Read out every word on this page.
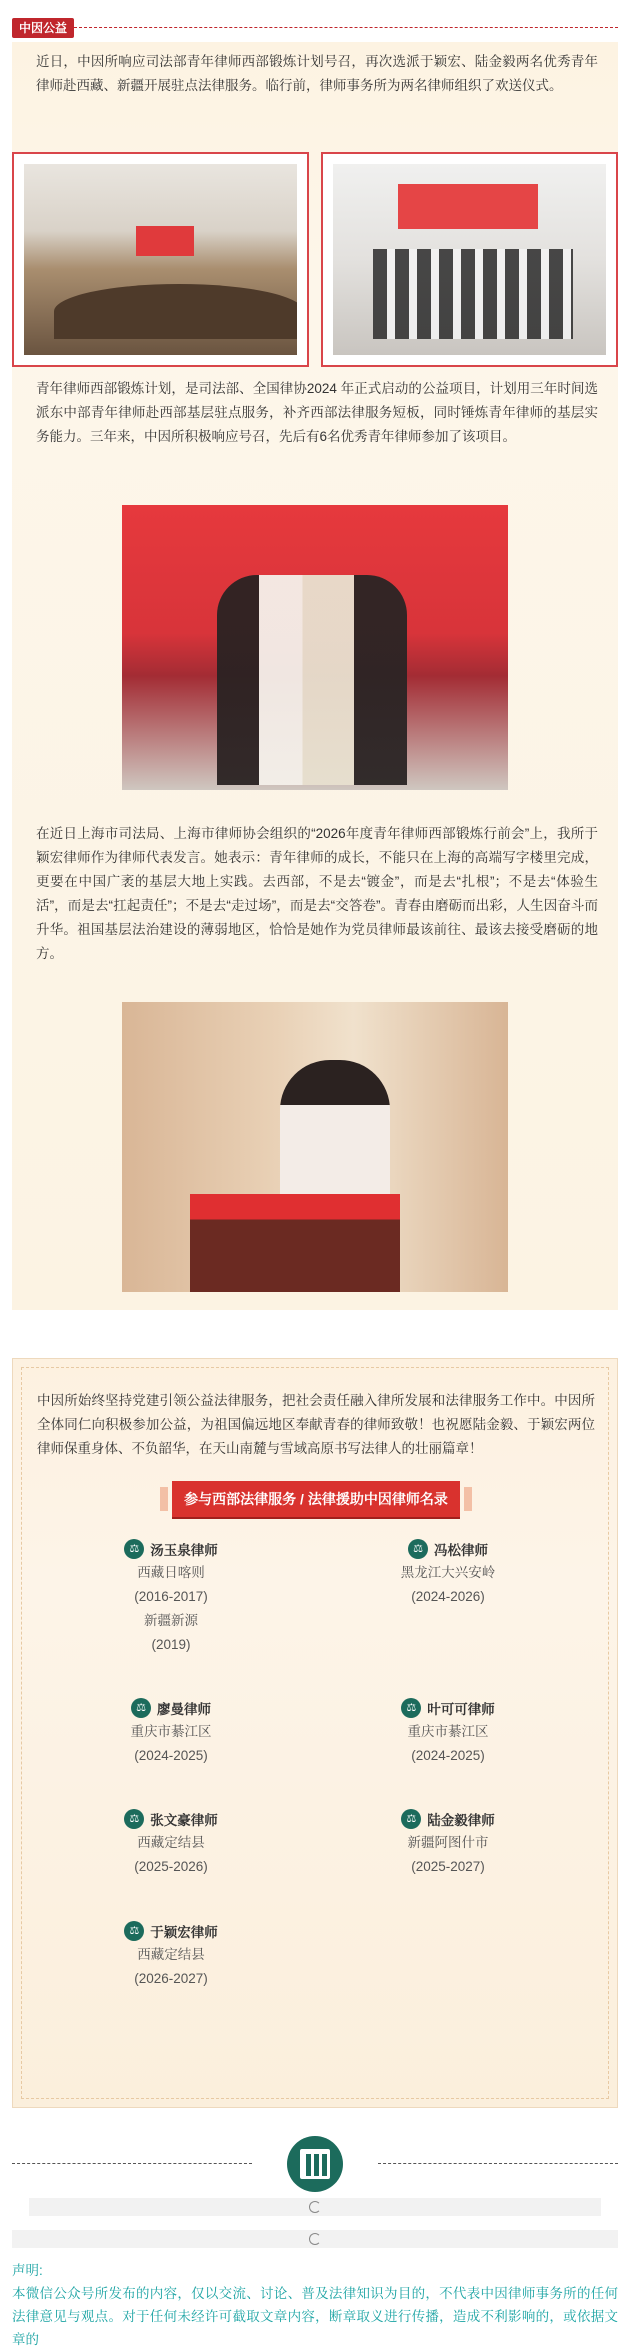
中因公益

近日，中因所响应司法部青年律师西部锻炼计划号召，再次选派于颖宏、陆金毅两名优秀青年律师赴西藏、新疆开展驻点法律服务。临行前，律师事务所为两名律师组织了欢送仪式。

青年律师西部锻炼计划，是司法部、全国律协2024 年正式启动的公益项目，计划用三年时间选派东中部青年律师赴西部基层驻点服务，补齐西部法律服务短板，同时锤炼青年律师的基层实务能力。三年来，中因所积极响应号召，先后有6名优秀青年律师参加了该项目。

在近日上海市司法局、上海市律师协会组织的“2026年度青年律师西部锻炼行前会”上，我所于颖宏律师作为律师代表发言。她表示：青年律师的成长，不能只在上海的高端写字楼里完成，更要在中国广袤的基层大地上实践。去西部，不是去“镀金”，而是去“扎根”；不是去“体验生活”，而是去“扛起责任”；不是去“走过场”，而是去“交答卷”。青春由磨砺而出彩，人生因奋斗而升华。祖国基层法治建设的薄弱地区，恰恰是她作为党员律师最该前往、最该去接受磨砺的地方。

中因所始终坚持党建引领公益法律服务，把社会责任融入律所发展和法律服务工作中。中因所全体同仁向积极参加公益，为祖国偏远地区奉献青春的律师致敬！也祝愿陆金毅、于颖宏两位律师保重身体、不负韶华，在天山南麓与雪域高原书写法律人的壮丽篇章！

参与西部法律服务 / 法律援助中因律师名录
⚖ 汤玉泉律师
西藏日喀则
(2016-2017)
新疆新源
(2019)
⚖ 冯松律师
黑龙江大兴安岭
(2024-2026)
⚖ 廖曼律师
重庆市綦江区
(2024-2025)
⚖ 叶可可律师
重庆市綦江区
(2024-2025)
⚖ 张文豪律师
西藏定结县
(2025-2026)
⚖ 陆金毅律师
新疆阿图什市
(2025-2027)
⚖ 于颖宏律师
西藏定结县
(2026-2027)
声明:
本微信公众号所发布的内容，仅以交流、讨论、普及法律知识为目的，不代表中因律师事务所的任何法律意见与观点。对于任何未经许可截取文章内容，断章取义进行传播，造成不利影响的，或依据文章的
